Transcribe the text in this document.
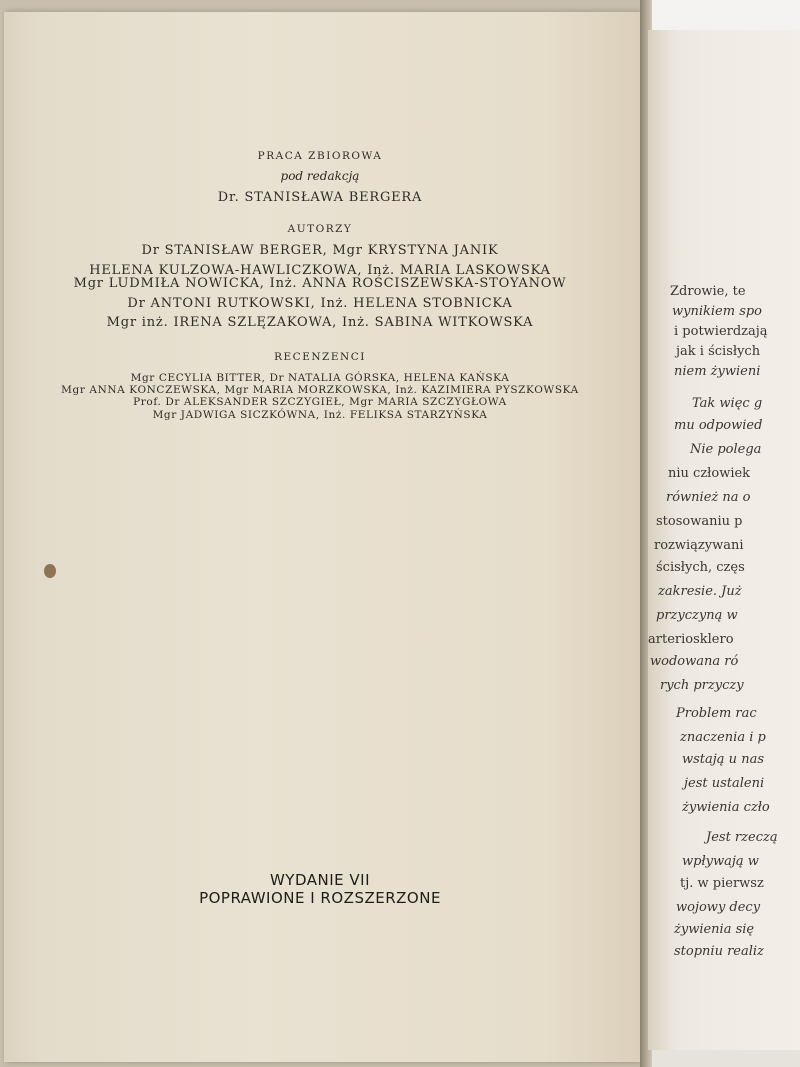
PRACA ZBIOROWA
pod redakcją
Dr. STANISŁAWA BERGERA
AUTORZY
Dr STANISŁAW BERGER, Mgr KRYSTYNA JANIK
HELENA KULZOWA-HAWLICZKOWA, Inż. MARIA LASKOWSKA
Mgr LUDMIŁA NOWICKA, Inż. ANNA ROŚCISZEWSKA-STOYANOW
Dr ANTONI RUTKOWSKI, Inż. HELENA STOBNICKA
Mgr inż. IRENA SZLĘZAKOWA, Inż. SABINA WITKOWSKA
RECENZENCI
Mgr CECYLIA BITTER, Dr NATALIA GÓRSKA, HELENA KAŃSKA
Mgr ANNA KONCZEWSKA, Mgr MARIA MORZKOWSKA, Inż. KAZIMIERA PYSZKOWSKA
Prof. Dr ALEKSANDER SZCZYGIEŁ, Mgr MARIA SZCZYGŁOWA
Mgr JADWIGA SICZKÓWNA, Inż. FELIKSA STARZYŃSKA
WYDANIE VII
POPRAWIONE I ROZSZERZONE
Zdrowie, te
wynikiem spo
i potwierdzają
jak i ścisłych
niem żywieni
Tak więc g
mu odpowied
Nie polega
niu człowiek
również na o
stosowaniu p
rozwiązywani
ścisłych, częs
zakresie. Już
przyczyną w
arteriosklero
wodowana ró
rych przyczy
Problem rac
znaczenia i p
wstają u nas
jest ustaleni
żywienia czło
Jest rzeczą
wpływają w
tj. w pierwsz
wojowy decy
żywienia się
stopniu realiz
